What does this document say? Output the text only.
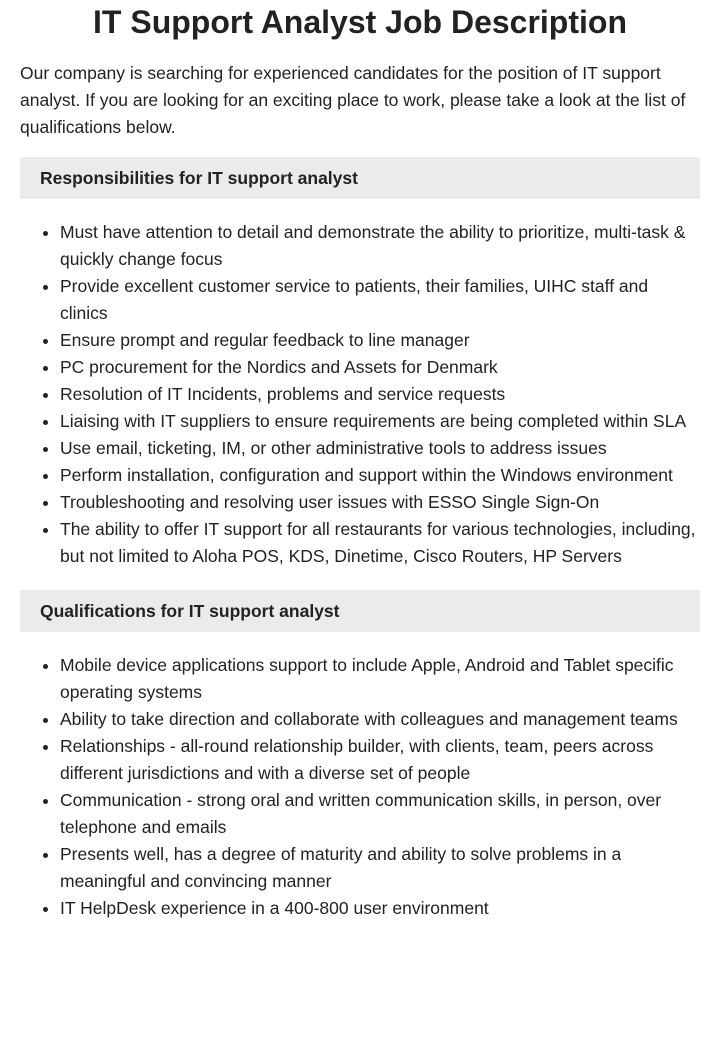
IT Support Analyst Job Description

Our company is searching for experienced candidates for the position of IT support analyst. If you are looking for an exciting place to work, please take a look at the list of qualifications below.

Responsibilities for IT support analyst
• Must have attention to detail and demonstrate the ability to prioritize, multi-task & quickly change focus
• Provide excellent customer service to patients, their families, UIHC staff and clinics
• Ensure prompt and regular feedback to line manager
• PC procurement for the Nordics and Assets for Denmark
• Resolution of IT Incidents, problems and service requests
• Liaising with IT suppliers to ensure requirements are being completed within SLA
• Use email, ticketing, IM, or other administrative tools to address issues
• Perform installation, configuration and support within the Windows environment
• Troubleshooting and resolving user issues with ESSO Single Sign-On
• The ability to offer IT support for all restaurants for various technologies, including, but not limited to Aloha POS, KDS, Dinetime, Cisco Routers, HP Servers
Qualifications for IT support analyst
• Mobile device applications support to include Apple, Android and Tablet specific operating systems
• Ability to take direction and collaborate with colleagues and management teams
• Relationships - all-round relationship builder, with clients, team, peers across different jurisdictions and with a diverse set of people
• Communication - strong oral and written communication skills, in person, over telephone and emails
• Presents well, has a degree of maturity and ability to solve problems in a meaningful and convincing manner
• IT HelpDesk experience in a 400-800 user environment
